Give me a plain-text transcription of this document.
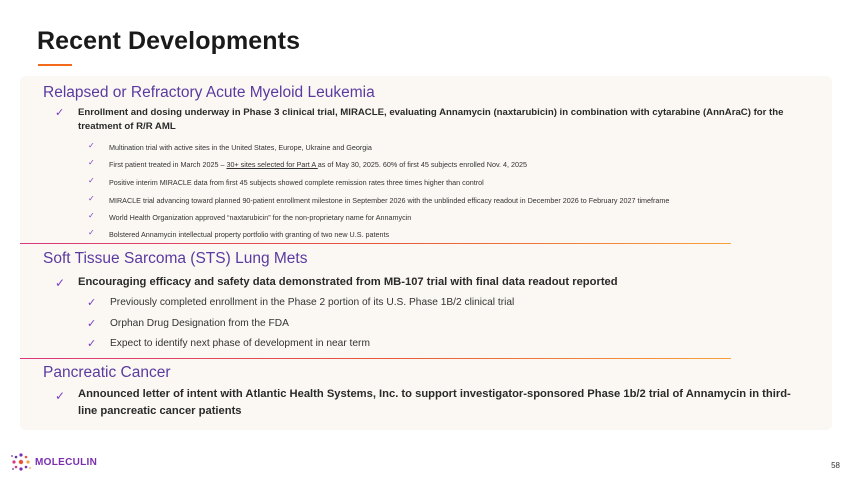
Recent Developments
Relapsed or Refractory Acute Myeloid Leukemia
✓ Enrollment and dosing underway in Phase 3 clinical trial, MIRACLE, evaluating Annamycin (naxtarubicin) in combination with cytarabine (AnnAraC) for the treatment of R/R AML

✓ Multination trial with active sites in the United States, Europe, Ukraine and Georgia

✓ First patient treated in March 2025 – 30+ sites selected for Part A as of May 30, 2025. 60% of first 45 subjects enrolled Nov. 4, 2025

✓ Positive interim MIRACLE data from first 45 subjects showed complete remission rates three times higher than control

✓ MIRACLE trial advancing toward planned 90-patient enrollment milestone in September 2026 with the unblinded efficacy readout in December 2026 to February 2027 timeframe

✓ World Health Organization approved “naxtarubicin” for the non-proprietary name for Annamycin

✓ Bolstered Annamycin intellectual property portfolio with granting of two new U.S. patents

Soft Tissue Sarcoma (STS) Lung Mets
✓ Encouraging efficacy and safety data demonstrated from MB-107 trial with final data readout reported

✓ Previously completed enrollment in the Phase 2 portion of its U.S. Phase 1B/2 clinical trial

✓ Orphan Drug Designation from the FDA

✓ Expect to identify next phase of development in near term

Pancreatic Cancer
✓ Announced letter of intent with Atlantic Health Systems, Inc. to support investigator-sponsored Phase 1b/2 trial of Annamycin in third-line pancreatic cancer patients

MOLECULIN	58
